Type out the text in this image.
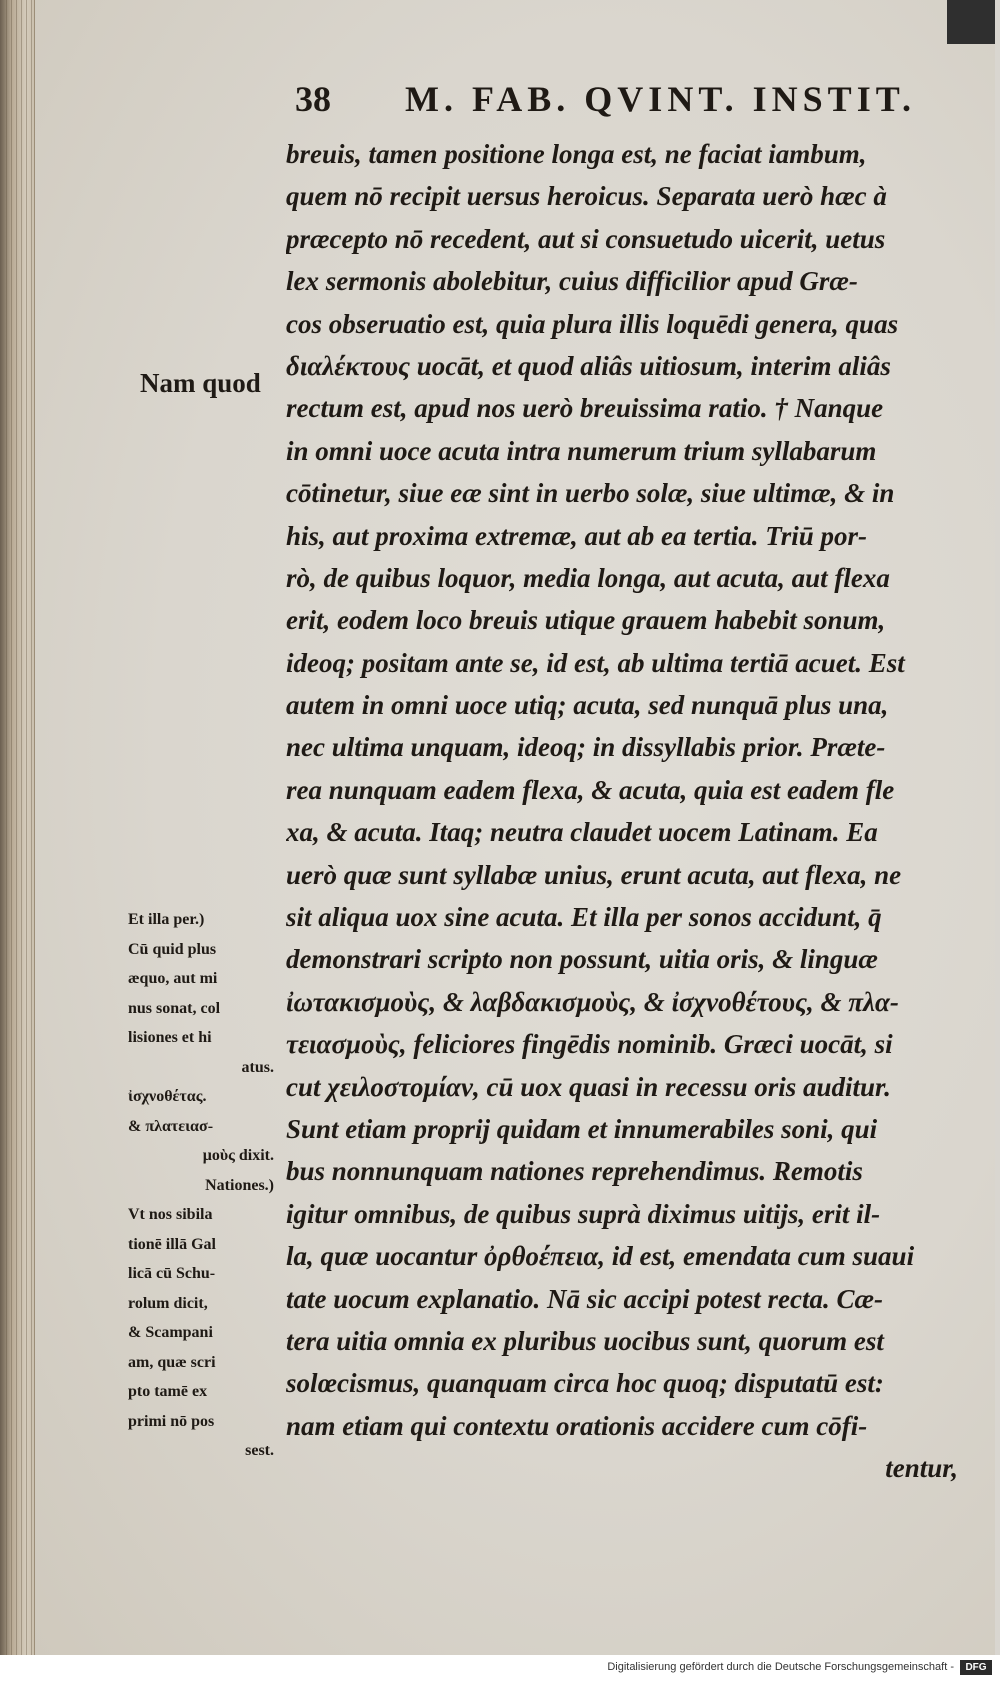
38 M. FAB. QVINT. INSTIT.
Nam quod
breuis, tamen positione longa est, ne faciat iambum,
quem nō recipit uersus heroicus. Separata uerò hæc à
præcepto nō recedent, aut si consuetudo uicerit, uetus
lex sermonis abolebitur, cuius difficilior apud Græ-
cos obseruatio est, quia plura illis loquēdi genera, quas
διαλέκτους uocāt, et quod aliâs uitiosum, interim aliâs
rectum est, apud nos uerò breuissima ratio. † Nanque
in omni uoce acuta intra numerum trium syllabarum
cōtinetur, siue eæ sint in uerbo solæ, siue ultimæ, & in
his, aut proxima extremæ, aut ab ea tertia. Triū por-
rò, de quibus loquor, media longa, aut acuta, aut flexa
erit, eodem loco breuis utique grauem habebit sonum,
ideoq; positam ante se, id est, ab ultima tertiā acuet. Est
autem in omni uoce utiq; acuta, sed nunquā plus una,
nec ultima unquam, ideoq; in dissyllabis prior. Præte-
rea nunquam eadem flexa, & acuta, quia est eadem fle
xa, & acuta. Itaq; neutra claudet uocem Latinam. Ea
uerò quæ sunt syllabæ unius, erunt acuta, aut flexa, ne
sit aliqua uox sine acuta. Et illa per sonos accidunt, q̄
demonstrari scripto non possunt, uitia oris, & linguæ
ἰωτακισμοὺς, & λαβδακισμοὺς, & ἰσχνοθέτους, & πλα-
τειασμοὺς, feliciores fingēdis nominib. Græci uocāt, si
cut χειλοστομίαν, cū uox quasi in recessu oris auditur.
Sunt etiam proprij quidam et innumerabiles soni, qui
bus nonnunquam nationes reprehendimus. Remotis
igitur omnibus, de quibus suprà diximus uitijs, erit il-
la, quæ uocantur ὀρθοέπεια, id est, emendata cum suaui
tate uocum explanatio. Nā sic accipi potest recta. Cæ-
tera uitia omnia ex pluribus uocibus sunt, quorum est
solœcismus, quanquam circa hoc quoq; disputatū est:
nam etiam qui contextu orationis accidere cum cōfi-
tentur,
Et illa per.)
Cū quid plus
æquo, aut mi
nus sonat, col
lisiones et hi
atus.
ἰσχνοθέτας.
& πλατειασ-
μοὺς dixit.
Nationes.)
Vt nos sibila
tionē illā Gal
licā cū Schu-
rolum dicit,
& Scampani
am, quæ scri
pto tamē ex
primi nō pos
sest.
Digitalisierung gefördert durch die Deutsche Forschungsgemeinschaft -	DFG
